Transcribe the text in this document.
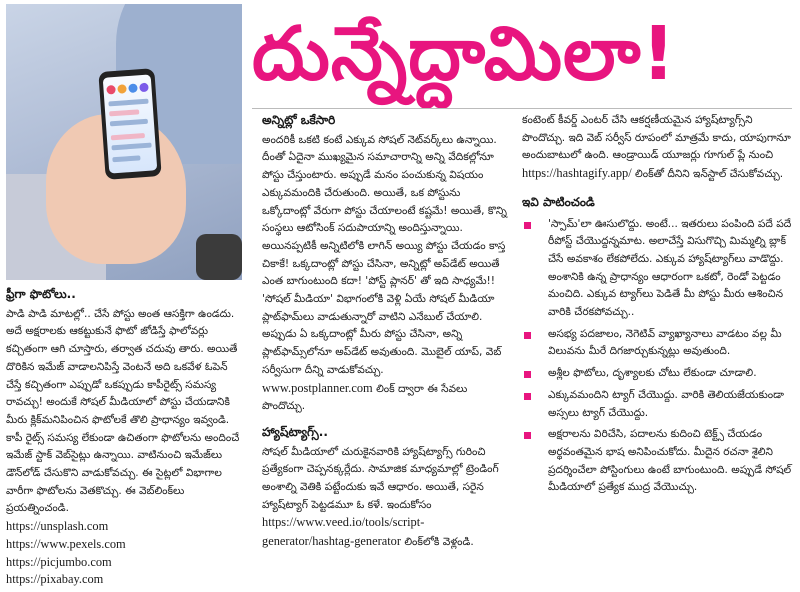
దున్నేద్దామిలా!

ఫ్రీగా ఫొటోలు..

పాడి పాడి మాటల్లో.. చేసే పోస్టు అంత ఆసక్తిగా ఉండదు. అదే అక్షరాలకు ఆకట్టుకునే ఫొటో జోడిస్తే ఫాలోవర్లు కచ్చితంగా ఆగి చూస్తారు, తర్వాత చదువు తారు. అయితే దొరికిన ఇమేజ్ వాడాలనిపిస్తే వెంటనే అది ఒకవేళ ఓపెన్ చేస్తే కచ్చితంగా ఎప్పుడో ఒకప్పుడు కాపీరైట్స్ సమస్య రావచ్చు! అందుకే సోషల్ మీడియాలో పోస్టు చేయడానికి మీరు క్లిక్‌మనిపించిన ఫొటోలకే తొలి ప్రాధాన్యం ఇవ్వండి. కాపీ రైట్స్ సమస్య లేకుండా ఉచితంగా ఫొటోలను అందించే ఇమేజ్ స్టాక్ వెబ్‌సైట్లు ఉన్నాయి. వాటినుంచి ఇమేజ్‌లు డౌన్‌లోడ్ చేసుకొని వాడుకోవచ్చు. ఈ సైట్లలో విభాగాల వారీగా ఫొటోలను వెతకొచ్చు. ఈ వెబ్‌లింక్‌లు ప్రయత్నించండి.

https://unsplash.com

https://www.pexels.com

https://picjumbo.com

https://pixabay.com

అన్నిట్లో ఒకేసారి

అందరికీ ఒకటి కంటే ఎక్కువ సోషల్ నెట్‌వర్క్‌లు ఉన్నాయి. దీంతో ఏదైనా ముఖ్యమైన సమాచారాన్ని అన్ని వేదికల్లోనూ పోస్టు చేస్తుంటారు. అప్పుడే మనం పంచుకున్న విషయం ఎక్కువమందికి చేరుతుంది. అయితే, ఒక పోస్టును ఒక్కోదాంట్లో వేరుగా పోస్టు చేయాలంటే కష్టమే! అయితే, కొన్ని సంస్థలు ఆటోసింక్ సదుపాయాన్ని అందిస్తున్నాయి. అయినప్పటికీ అన్నిటిలోకి లాగిన్ అయ్యి పోస్టు చేయడం కాస్త చికాకే! ఒక్కదాంట్లో పోస్టు చేసినా, అన్నిట్లో అప్‌డేట్ అయితే ఎంత బాగుంటుంది కదా! 'పోస్ట్ ప్లానర్' తో ఇది సాధ్యమే!! 'సోషల్ మీడియా' విభాగంలోకి వెళ్లి ఏయే సోషల్ మీడియా ప్లాట్‌ఫామ్‌లు వాడుతున్నారో వాటిని ఎనేబుల్ చేయాలి. అప్పుడు ఏ ఒక్కదాంట్లో మీరు పోస్టు చేసినా, అన్ని ప్లాట్‌ఫామ్స్‌లోనూ అప్‌డేట్ అవుతుంది. మొబైల్ యాప్, వెబ్ సర్వీసుగా దీన్ని వాడుకోవచ్చు.

www.postplanner.com లింక్ ద్వారా ఈ సేవలు పొందొచ్చు.

హ్యాష్‌ట్యాగ్స్..

సోషల్ మీడియాలో చురుకైనవారికి హ్యాష్‌ట్యాగ్స్ గురించి ప్రత్యేకంగా చెప్పనక్కర్లేదు. సామాజిక మాధ్యమాల్లో ట్రెండింగ్ అంశాల్ని వెతికి పట్టేందుకు ఇవే ఆధారం. అయితే, సరైన హ్యాష్‌ట్యాగ్ పెట్టడమూ ఓ కళే. ఇందుకోసం

https://www.veed.io/tools/script-generator/hashtag-generator లింక్‌లోకి వెళ్లండి.

కంటెంట్ కీవర్డ్ ఎంటర్ చేసి ఆకర్షణీయమైన హ్యాష్‌ట్యాగ్స్‌ని పొందొచ్చు. ఇది వెబ్ సర్వీస్ రూపంలో మాత్రమే కాదు, యాపుగానూ అందుబాటులో ఉంది. ఆండ్రాయిడ్ యూజర్లు గూగుల్ ప్లే నుంచి

https://hashtagify.app/ లింక్‌తో దీనిని ఇన్‌స్టాల్ చేసుకోవచ్చు.

ఇవి పాటించండి

'స్పామ్'లా ఊసులొద్దు. అంటే... ఇతరులు పంపింది పదే పదే రీపోస్ట్ చేయొద్దన్నమాట. అలాచేస్తే విసుగొచ్చి మిమ్మల్ని బ్లాక్ చేసే అవకాశం లేకపోలేదు. ఎక్కువ హ్యాష్‌ట్యాగ్‌లు వాడొద్దు. అంశానికి ఉన్న ప్రాధాన్యం ఆధారంగా ఒకటో, రెండో పెట్టడం మంచిది. ఎక్కువ ట్యాగ్‌లు పెడితే మీ పోస్టు మీరు ఆశించిన వారికి చేరకపోవచ్చు..
అసభ్య పదజాలం, నెగెటివ్ వ్యాఖ్యానాలు వాడటం వల్ల మీ విలువను మీరే దిగజార్చుకున్నట్లు అవుతుంది.
అశ్లీల ఫొటోలు, దృశ్యాలకు చోటు లేకుండా చూడాలి.
ఎక్కువమందిని ట్యాగ్ చేయొద్దు. వారికి తెలియజేయకుండా అస్సలు ట్యాగ్ చేయొద్దు.
అక్షరాలను విరిచేసి, పదాలను కుదించి టెక్ట్స్ చేయడం అర్థవంతమైన భాష అనిపించుకోదు. మీదైన రచనా శైలిని ప్రదర్శించేలా పోస్టింగులు ఉంటే బాగుంటుంది. అప్పుడే సోషల్ మీడియాలో ప్రత్యేక ముద్ర వేయొచ్చు.
